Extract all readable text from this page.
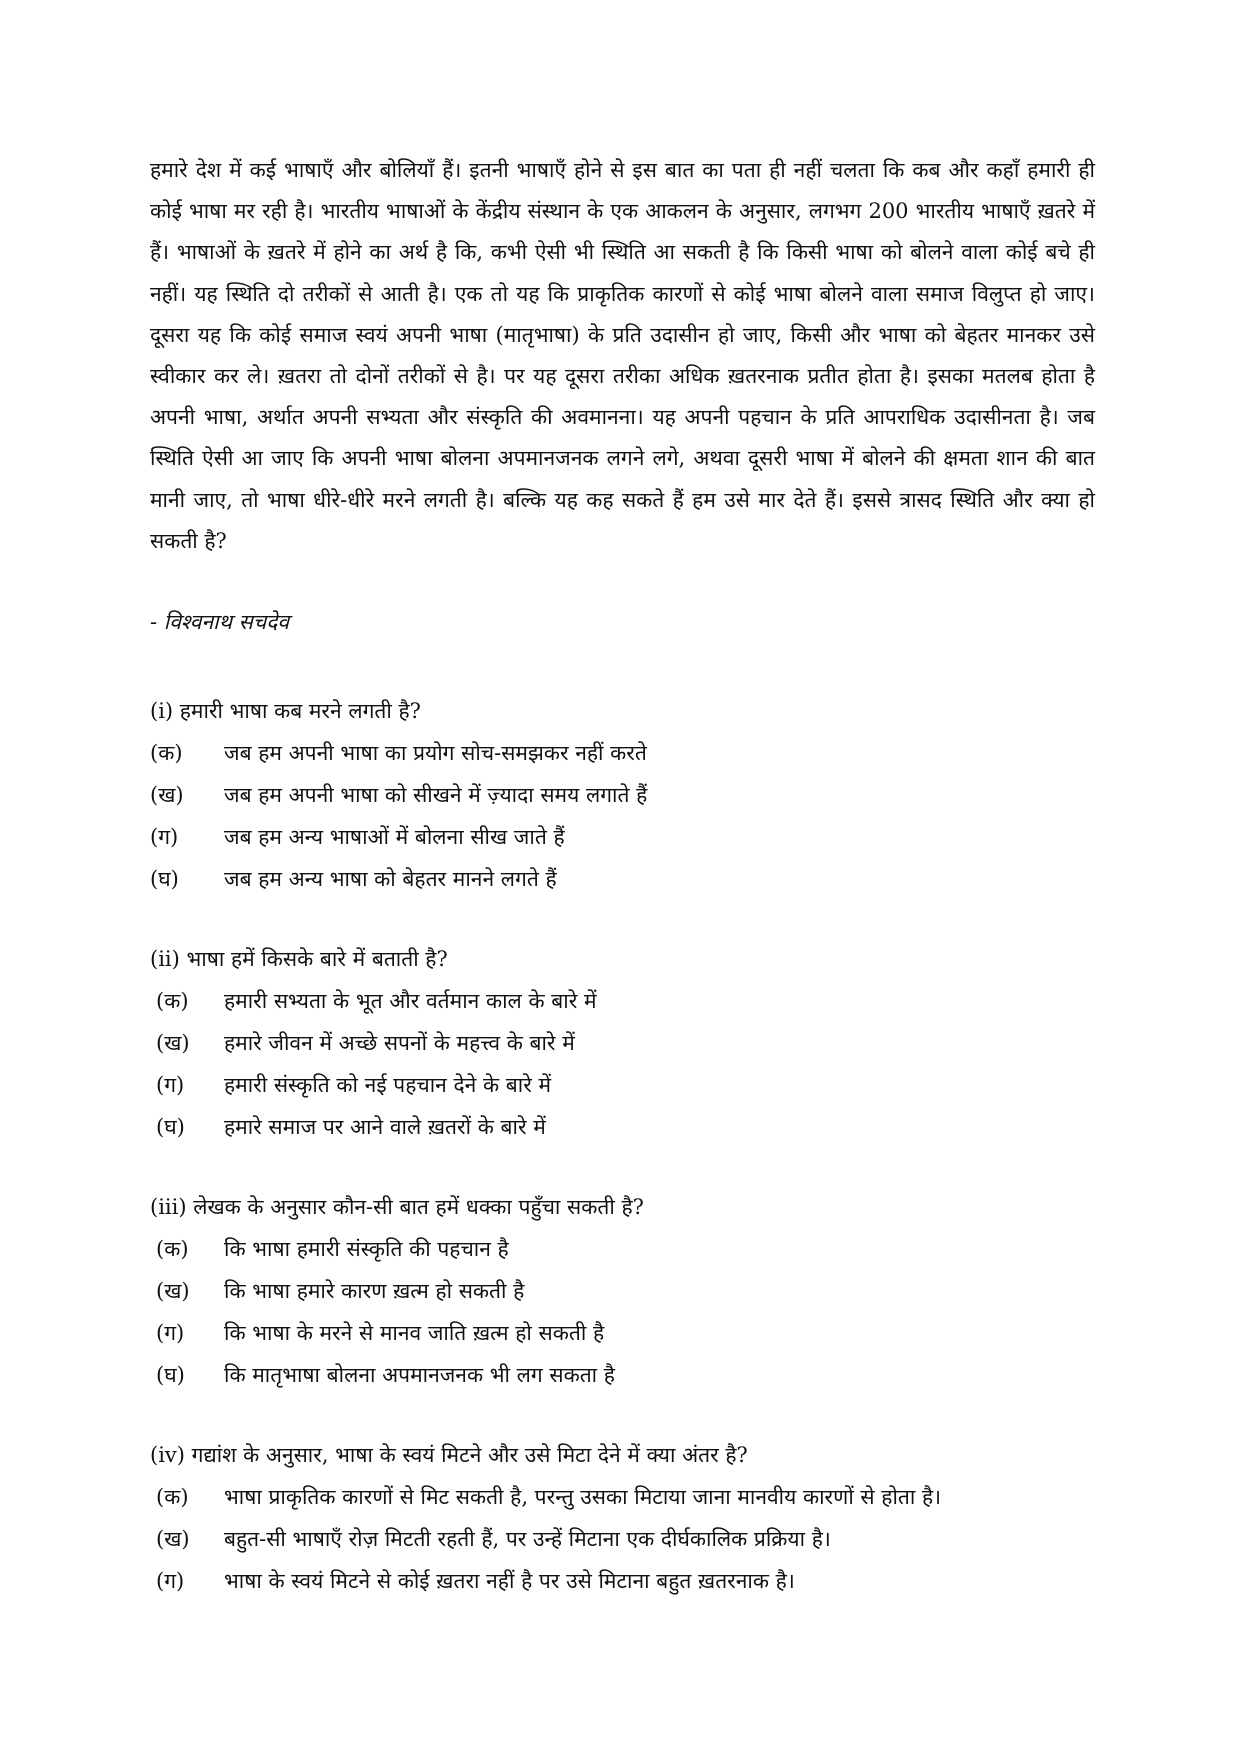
हमारे देश में कई भाषाएँ और बोलियाँ हैं। इतनी भाषाएँ होने से इस बात का पता ही नहीं चलता कि कब और कहाँ हमारी ही कोई भाषा मर रही है। भारतीय भाषाओं के केंद्रीय संस्थान के एक आकलन के अनुसार, लगभग 200 भारतीय भाषाएँ ख़तरे में हैं। भाषाओं के ख़तरे में होने का अर्थ है कि, कभी ऐसी भी स्थिति आ सकती है कि किसी भाषा को बोलने वाला कोई बचे ही नहीं। यह स्थिति दो तरीकों से आती है। एक तो यह कि प्राकृतिक कारणों से कोई भाषा बोलने वाला समाज विलुप्त हो जाए। दूसरा यह कि कोई समाज स्वयं अपनी भाषा (मातृभाषा) के प्रति उदासीन हो जाए, किसी और भाषा को बेहतर मानकर उसे स्वीकार कर ले। ख़तरा तो दोनों तरीकों से है। पर यह दूसरा तरीका अधिक ख़तरनाक प्रतीत होता है। इसका मतलब होता है अपनी भाषा, अर्थात अपनी सभ्यता और संस्कृति की अवमानना। यह अपनी पहचान के प्रति आपराधिक उदासीनता है। जब स्थिति ऐसी आ जाए कि अपनी भाषा बोलना अपमानजनक लगने लगे, अथवा दूसरी भाषा में बोलने की क्षमता शान की बात मानी जाए, तो भाषा धीरे-धीरे मरने लगती है। बल्कि यह कह सकते हैं हम उसे मार देते हैं। इससे त्रासद स्थिति और क्या हो सकती है?

- विश्वनाथ सचदेव

(i) हमारी भाषा कब मरने लगती है?

(क)	जब हम अपनी भाषा का प्रयोग सोच-समझकर नहीं करते
(ख)	जब हम अपनी भाषा को सीखने में ज़्यादा समय लगाते हैं
(ग)	जब हम अन्य भाषाओं में बोलना सीख जाते हैं
(घ)	जब हम अन्य भाषा को बेहतर मानने लगते हैं

(ii) भाषा हमें किसके बारे में बताती है?

(क)	हमारी सभ्यता के भूत और वर्तमान काल के बारे में
(ख)	हमारे जीवन में अच्छे सपनों के महत्त्व के बारे में
(ग)	हमारी संस्कृति को नई पहचान देने के बारे में
(घ)	हमारे समाज पर आने वाले ख़तरों के बारे में

(iii) लेखक के अनुसार कौन-सी बात हमें धक्का पहुँचा सकती है?

(क)	कि भाषा हमारी संस्कृति की पहचान है
(ख)	कि भाषा हमारे कारण ख़त्म हो सकती है
(ग)	कि भाषा के मरने से मानव जाति ख़त्म हो सकती है
(घ)	कि मातृभाषा बोलना अपमानजनक भी लग सकता है

(iv) गद्यांश के अनुसार, भाषा के स्वयं मिटने और उसे मिटा देने में क्या अंतर है?

(क)	भाषा प्राकृतिक कारणों से मिट सकती है, परन्तु उसका मिटाया जाना मानवीय कारणों से होता है।
(ख)	बहुत-सी भाषाएँ रोज़ मिटती रहती हैं, पर उन्हें मिटाना एक दीर्घकालिक प्रक्रिया है।
(ग)	भाषा के स्वयं मिटने से कोई ख़तरा नहीं है पर उसे मिटाना बहुत ख़तरनाक है।
